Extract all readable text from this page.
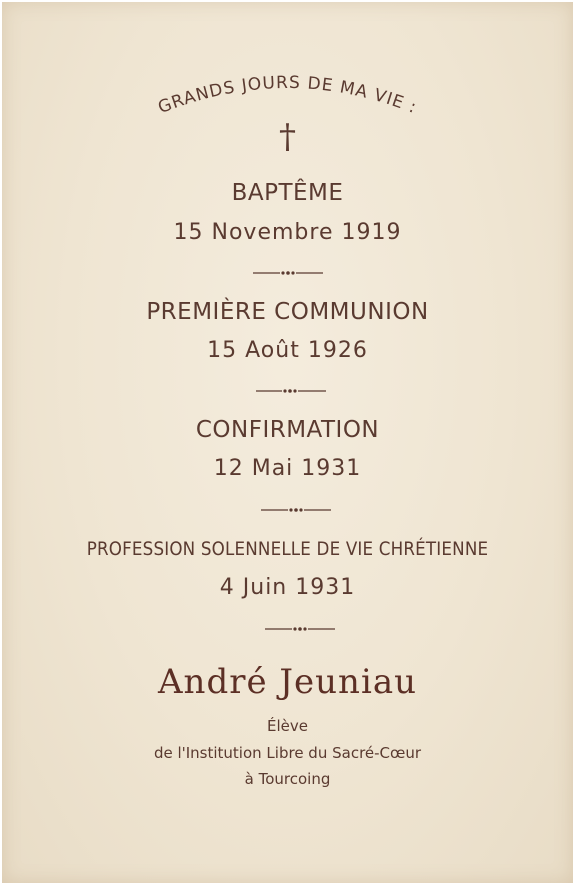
GRANDS JOURS DE MA VIE :
†
BAPTÊME
15 Novembre 1919
PREMIÈRE COMMUNION
15 Août 1926
CONFIRMATION
12 Mai 1931
PROFESSION SOLENNELLE DE VIE CHRÉTIENNE
4 Juin 1931
André Jeuniau
Élève
de l'Institution Libre du Sacré-Cœur
à Tourcoing
